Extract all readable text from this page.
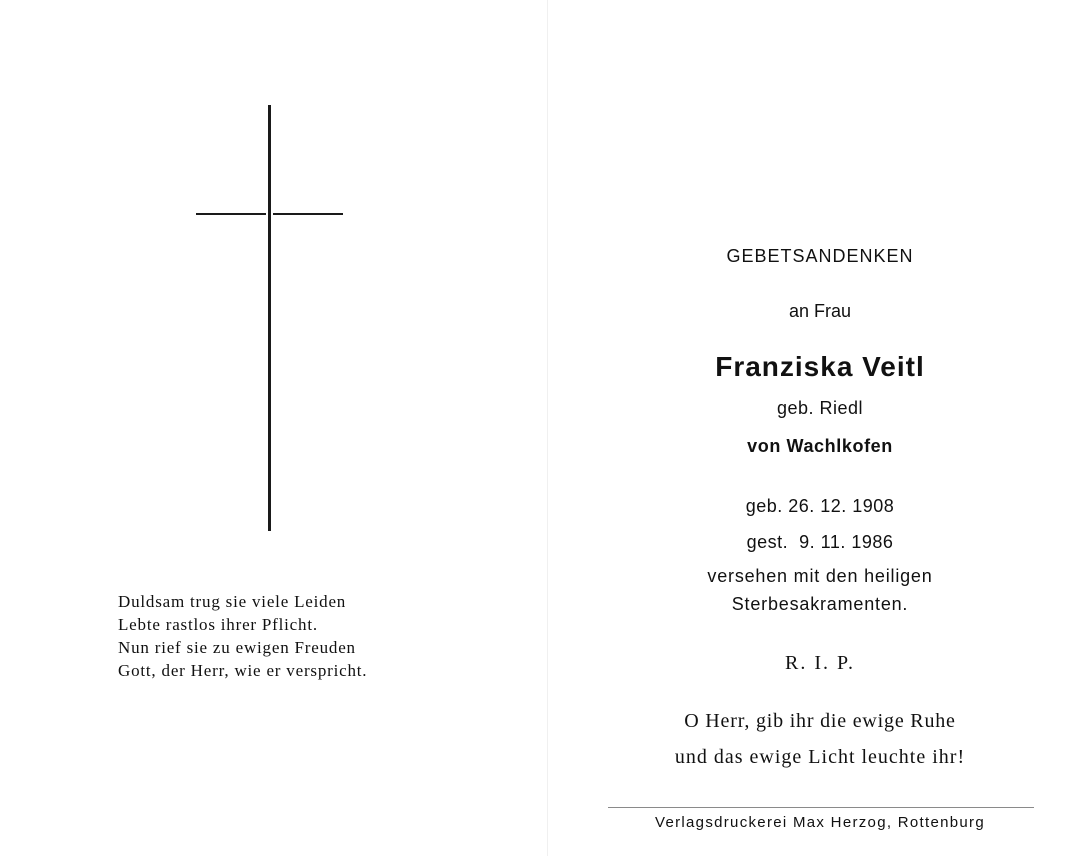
Duldsam trug sie viele Leiden
Lebte rastlos ihrer Pflicht.
Nun rief sie zu ewigen Freuden
Gott, der Herr, wie er verspricht.
GEBETSANDENKEN
an Frau
Franziska Veitl
geb. Riedl
von Wachlkofen
geb. 26. 12. 1908
gest.  9. 11. 1986
versehen mit den heiligen
Sterbesakramenten.
R. I. P.
O Herr, gib ihr die ewige Ruhe
und das ewige Licht leuchte ihr!
Verlagsdruckerei Max Herzog, Rottenburg
